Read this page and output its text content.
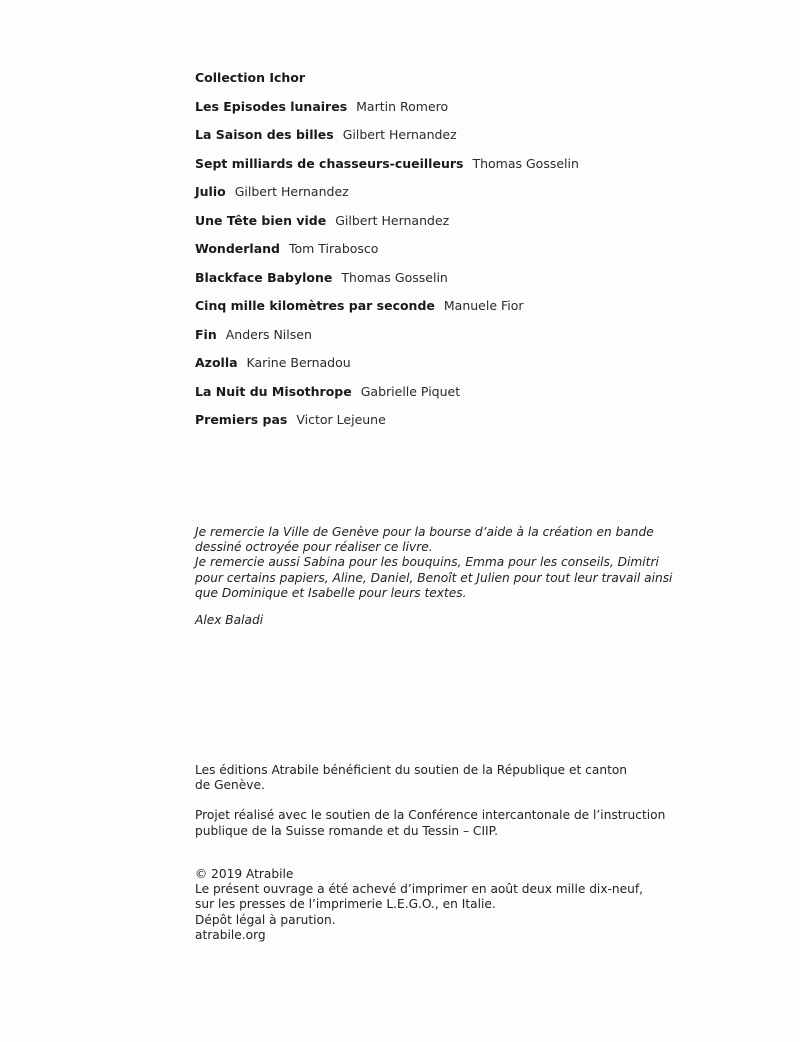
Collection Ichor
Les Episodes lunaires Martin Romero
La Saison des billes Gilbert Hernandez
Sept milliards de chasseurs-cueilleurs Thomas Gosselin
Julio Gilbert Hernandez
Une Tête bien vide Gilbert Hernandez
Wonderland Tom Tirabosco
Blackface Babylone Thomas Gosselin
Cinq mille kilomètres par seconde Manuele Fior
Fin Anders Nilsen
Azolla Karine Bernadou
La Nuit du Misothrope Gabrielle Piquet
Premiers pas Victor Lejeune

Je remercie la Ville de Genève pour la bourse d’aide à la création en bande

dessiné octroyée pour réaliser ce livre.

Je remercie aussi Sabina pour les bouquins, Emma pour les conseils, Dimitri

pour certains papiers, Aline, Daniel, Benoît et Julien pour tout leur travail ainsi

que Dominique et Isabelle pour leurs textes.

Alex Baladi

Les éditions Atrabile bénéficient du soutien de la République et canton
de Genève.

Projet réalisé avec le soutien de la Conférence intercantonale de l’instruction
publique de la Suisse romande et du Tessin – CIIP.

© 2019 Atrabile
Le présent ouvrage a été achevé d’imprimer en août deux mille dix-neuf,
sur les presses de l’imprimerie L.E.G.O., en Italie.
Dépôt légal à parution.
atrabile.org
